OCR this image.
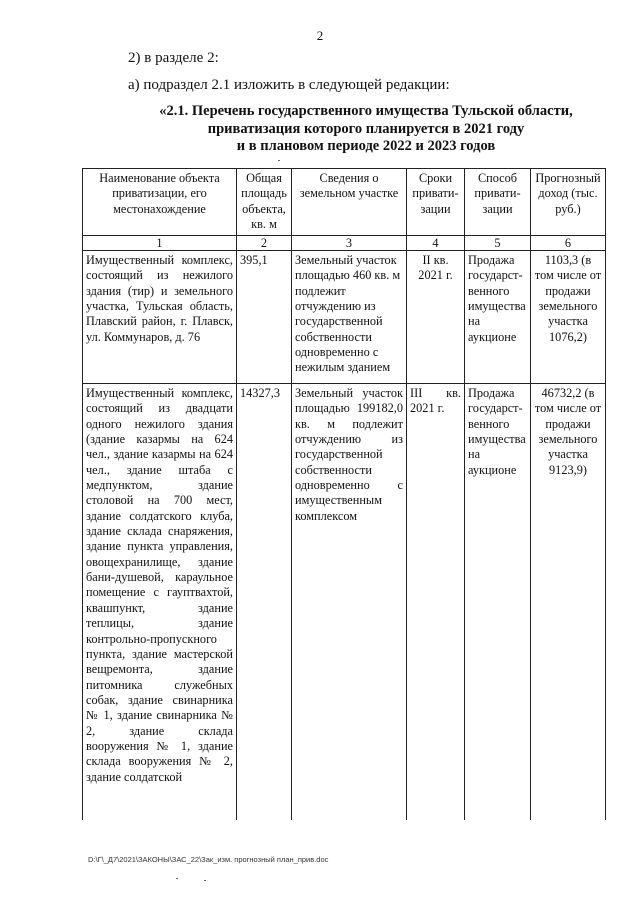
2
2) в разделе 2:
а) подраздел 2.1 изложить в следующей редакции:
«2.1. Перечень государственного имущества Тульской области,
приватизация которого планируется в 2021 году
и в плановом периоде 2022 и 2023 годов
Наименование объекта приватизации, его местонахождение	Общая площадь объекта, кв. м	Сведения о земельном участке	Сроки привати-зации	Способ привати-зации	Прогнозный доход (тыс. руб.)
1	2	3	4	5	6
Имущественный комплекс, состоящий из нежилого здания (тир) и земельного участка, Тульская область, Плавский район, г. Плавск, ул. Коммунаров, д. 76	395,1	Земельный участок площадью 460 кв. м подлежит отчуждению из государственной собственности одновременно с нежилым зданием	II кв. 2021 г.	Продажа государст-венного имущества на аукционе	1103,3 (в том числе от продажи земельного участка 1076,2)
Имущественный комплекс, состоящий из двадцати одного нежилого здания (здание казармы на 624 чел., здание казармы на 624 чел., здание штаба с медпунктом, здание столовой на 700 мест, здание солдатского клуба, здание склада снаряжения, здание пункта управления, овощехранилище, здание бани-душевой, караульное помещение с гауптвахтой, квашпункт, здание теплицы, здание контрольно-пропускного пункта, здание мастерской вещремонта, здание питомника служебных собак, здание свинарника № 1, здание свинарника № 2, здание склада вооружения № 1, здание склада вооружения № 2, здание солдатской	14327,3	Земельный участок площадью 199182,0 кв. м подлежит отчуждению из государственной собственности одновременно с имущественным комплексом	III кв. 2021 г.	Продажа государст-венного имущества на аукционе	46732,2 (в том числе от продажи земельного участка 9123,9)
D:\Г\_Д7\2021\ЗАКОНЫ\ЗАС_22\Зак_изм. прогнозный план_прив.doc
